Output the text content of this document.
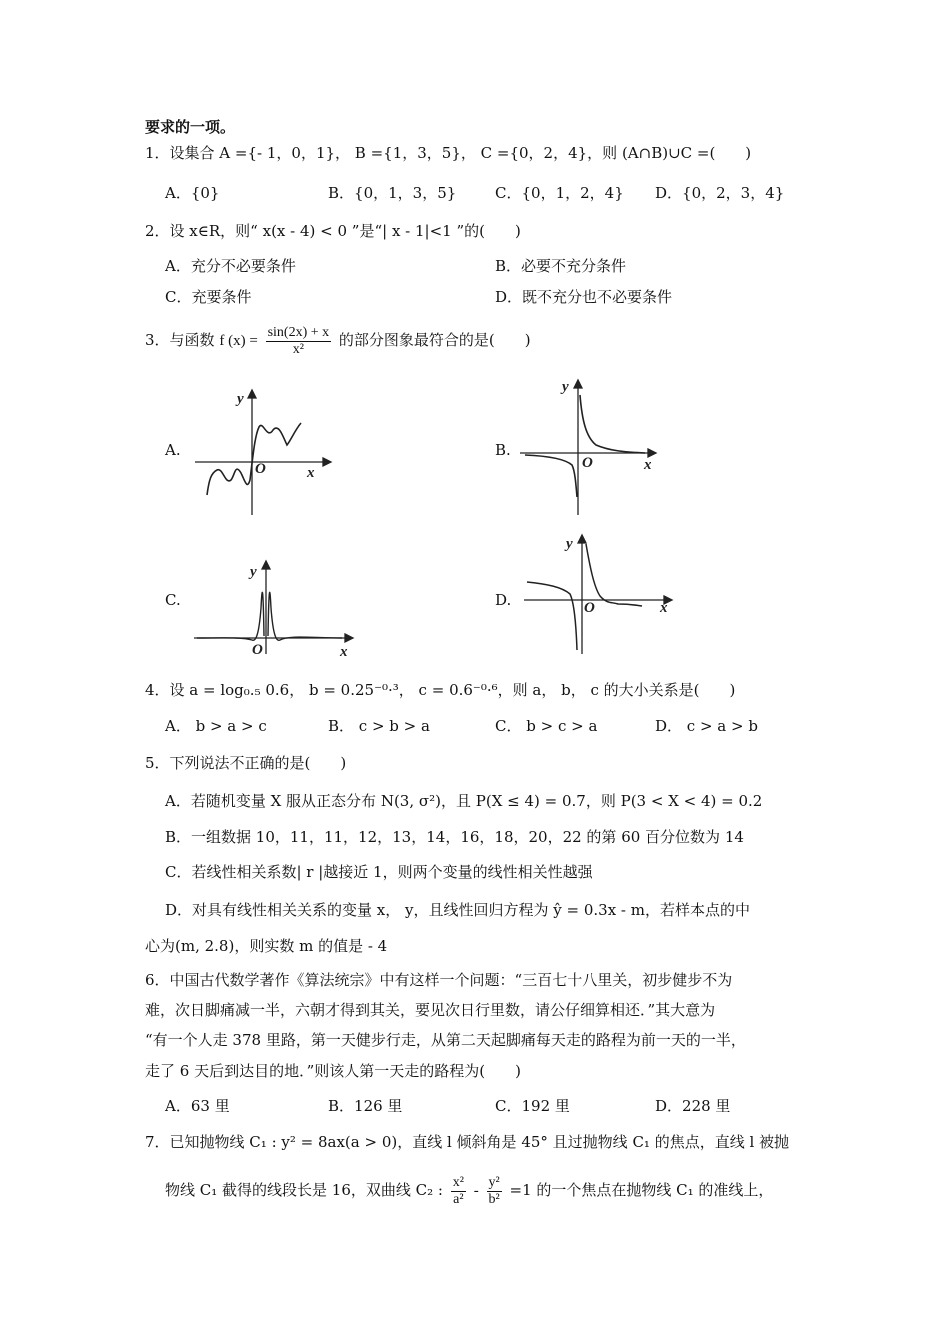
要求的一项。
1．设集合 A ={- 1，0，1}， B ={1，3，5}， C ={0，2，4}，则 (A∩B)∪C =(　　)
A．{0}	B．{0，1，3，5}	C．{0，1，2，4} D．{0，2，3，4}
2．设 x∈R，则“ x(x - 4) < 0 ”是“| x - 1|<1 ”的(　　)
A．充分不必要条件	B．必要不充分条件
C．充要条件	D．既不充分也不必要条件
3．与函数 f $(x) = \frac{\sin(2x) + x}{\text{x²}}$ 的部分图象最符合的是(　　)
A.	B.
C.	D.
y
x
O
y
x
O
y
x
O
y
x
O
4．设 a = log₀.₅ 0.6， b = 0.25⁻⁰·³， c = 0.6⁻⁰·⁶，则 a， b， c 的大小关系是(　　)
A． b > a > c	B． c > b > a	C． b > c > a	D． c > a > b
5．下列说法不正确的是(　　)
A．若随机变量 X 服从正态分布 N(3, σ²)，且 P(X ≤ 4) = 0.7，则 P(3 < X < 4) = 0.2
B．一组数据 10，11，11，12，13，14，16，18，20，22 的第 60 百分位数为 14
C．若线性相关系数| r |越接近 1，则两个变量的线性相关性越强
D．对具有线性相关关系的变量 x， y，且线性回归方程为 ŷ = 0.3x - m，若样本点的中
心为(m, 2.8)，则实数 m 的值是 - 4
6．中国古代数学著作《算法统宗》中有这样一个问题：“三百七十八里关，初步健步不为
难，次日脚痛减一半，六朝才得到其关，要见次日行里数，请公仔细算相还．”其大意为
“有一个人走 378 里路，第一天健步行走，从第二天起脚痛每天走的路程为前一天的一半，
走了 6 天后到达目的地．”则该人第一天走的路程为(　　)
A．63 里	B．126 里	C．192 里	D．228 里
7．已知抛物线 C₁ : y² = 8ax(a > 0)，直线 l 倾斜角是 45° 且过抛物线 C₁ 的焦点，直线 l 被抛
物线 C₁ 截得的线段长是 16，双曲线 C₂ : $\frac{\text{x²}}{\text{a²}} - \frac{\text{y²}}{\text{b²}} =1$ 的一个焦点在抛物线 C₁ 的准线上，
